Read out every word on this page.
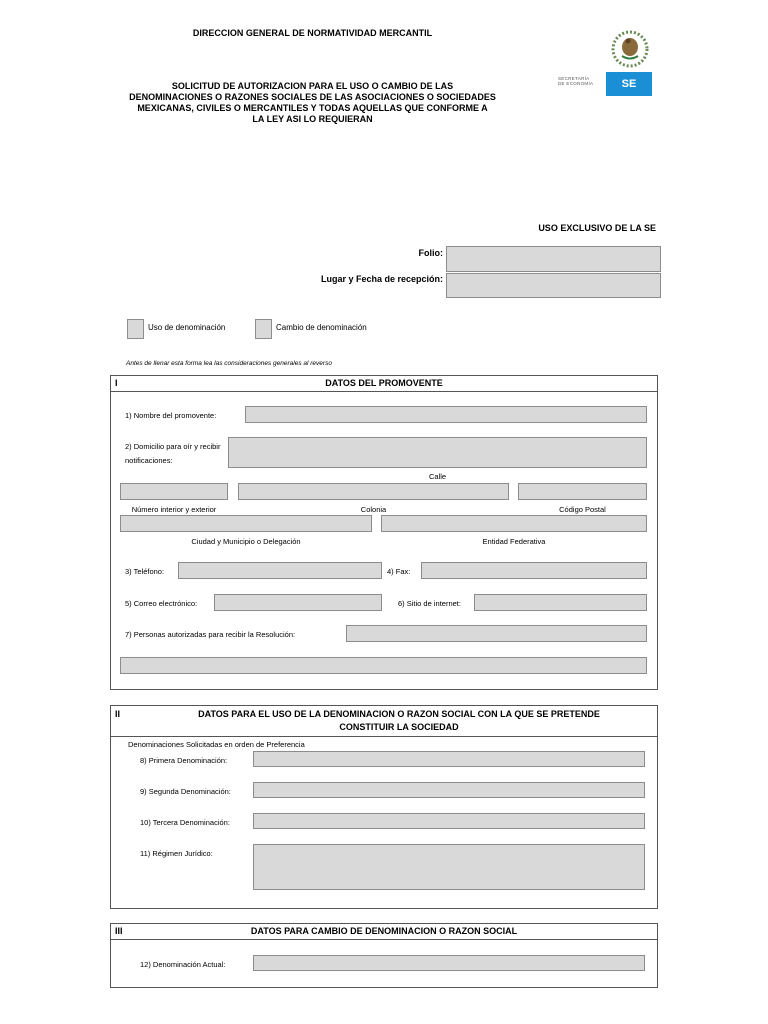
DIRECCION GENERAL DE NORMATIVIDAD MERCANTIL
SOLICITUD DE AUTORIZACION PARA EL USO O CAMBIO DE LAS
DENOMINACIONES O RAZONES SOCIALES DE LAS ASOCIACIONES O SOCIEDADES
MEXICANAS, CIVILES O MERCANTILES Y TODAS AQUELLAS QUE CONFORME A
LA LEY ASI LO REQUIERAN
SECRETARÍA
DE ECONOMÍA	SE
USO EXCLUSIVO DE LA SE
Folio:
Lugar y Fecha de recepción:
Uso de denominación	Cambio de denominación
Antes de llenar esta forma lea las consideraciones generales al reverso
I	DATOS DEL PROMOVENTE
1) Nombre del promovente:
2) Domicilio para oír y recibir
notificaciones:
Calle
Número interior y exterior	Colonia	Código Postal
Ciudad y Municipio o Delegación	Entidad Federativa
3) Teléfono:	4) Fax:
5) Correo electrónico:	6) Sitio de internet:
7) Personas autorizadas para recibir la Resolución:
II	DATOS PARA EL USO DE LA DENOMINACION O RAZON SOCIAL CON LA QUE SE PRETENDE
CONSTITUIR LA SOCIEDAD
Denominaciones Solicitadas en orden de Preferencia
8) Primera Denominación:
9) Segunda Denominación:
10) Tercera Denominación:
11) Régimen Jurídico:
III	DATOS PARA CAMBIO DE DENOMINACION O RAZON SOCIAL
12) Denominación Actual:
